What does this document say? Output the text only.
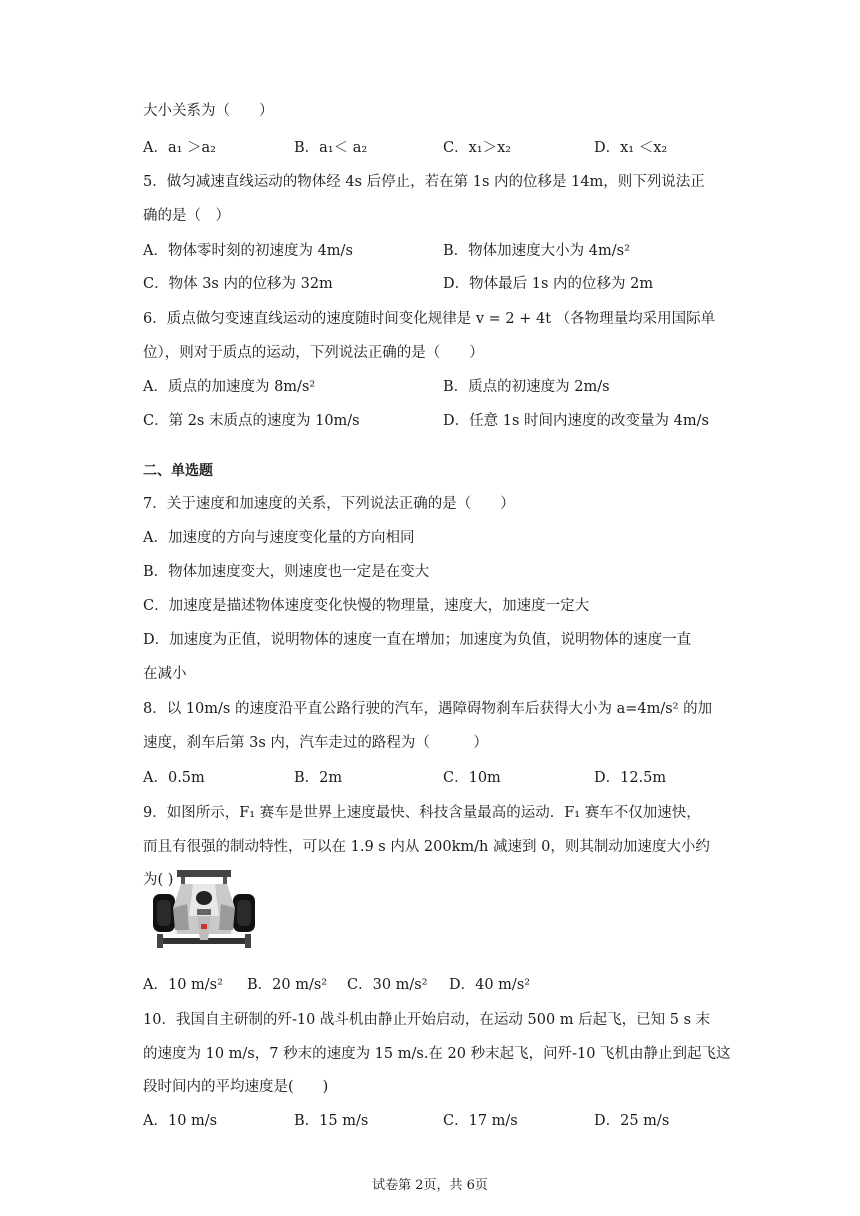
大小关系为（　　）
A．a₁ ＞a₂	B．a₁＜ a₂	C．x₁＞x₂	D．x₁ ＜x₂
5．做匀减速直线运动的物体经 4s 后停止，若在第 1s 内的位移是 14m，则下列说法正
确的是（　）
A．物体零时刻的初速度为 4m/s	B．物体加速度大小为 4m/s²
C．物体 3s 内的位移为 32m	D．物体最后 1s 内的位移为 2m
6．质点做匀变速直线运动的速度随时间变化规律是 v = 2 + 4t （各物理量均采用国际单
位），则对于质点的运动，下列说法正确的是（　　）
A．质点的加速度为 8m/s²	B．质点的初速度为 2m/s
C．第 2s 末质点的速度为 10m/s	D．任意 1s 时间内速度的改变量为 4m/s
二、单选题
7．关于速度和加速度的关系，下列说法正确的是（　　）
A．加速度的方向与速度变化量的方向相同
B．物体加速度变大，则速度也一定是在变大
C．加速度是描述物体速度变化快慢的物理量，速度大，加速度一定大
D．加速度为正值，说明物体的速度一直在增加；加速度为负值，说明物体的速度一直
在减小
8．以 10m/s 的速度沿平直公路行驶的汽车，遇障碍物刹车后获得大小为 a=4m/s² 的加
速度，刹车后第 3s 内，汽车走过的路程为（　　　）
A．0.5m	B．2m	C．10m	D．12.5m
9．如图所示，F₁ 赛车是世界上速度最快、科技含量最高的运动．F₁ 赛车不仅加速快，
而且有很强的制动特性，可以在 1.9 s 内从 200km/h 减速到 0，则其制动加速度大小约
为( )
A．10 m/s² B．20 m/s² C．30 m/s² D．40 m/s²
10．我国自主研制的歼-10 战斗机由静止开始启动，在运动 500 m 后起飞，已知 5 s 末
的速度为 10 m/s，7 秒末的速度为 15 m/s.在 20 秒末起飞，问歼-10 飞机由静止到起飞这
段时间内的平均速度是(　　)
A．10 m/s	B．15 m/s	C．17 m/s	D．25 m/s
试卷第 2页，共 6页
